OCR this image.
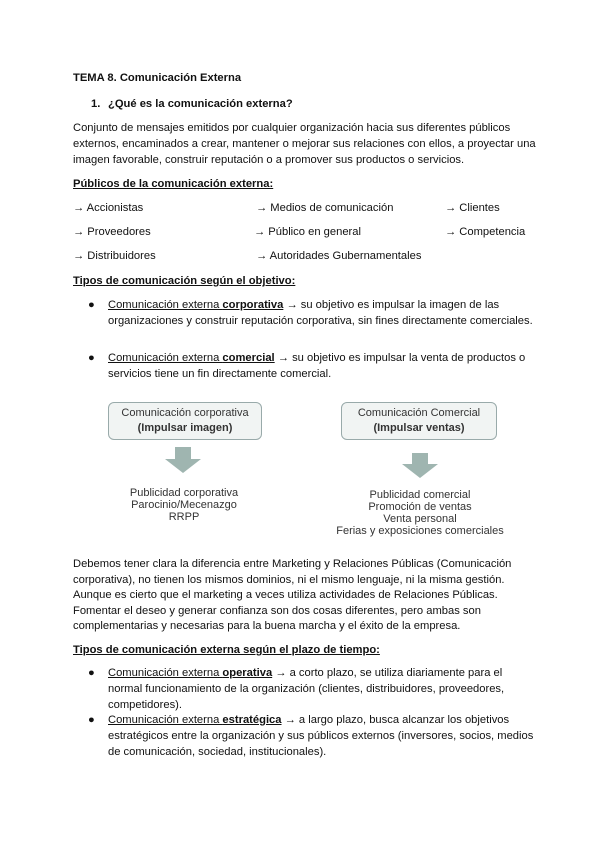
TEMA 8. Comunicación Externa
1. ¿Qué es la comunicación externa?
Conjunto de mensajes emitidos por cualquier organización hacia sus diferentes públicos externos, encaminados a crear, mantener o mejorar sus relaciones con ellos, a proyectar una imagen favorable, construir reputación o a promover sus productos o servicios.
Públicos de la comunicación externa:
→ Accionistas	→ Medios de comunicación	→ Clientes
→ Proveedores	→ Público en general	→ Competencia
→ Distribuidores	→ Autoridades Gubernamentales
Tipos de comunicación según el objetivo:
● Comunicación externa corporativa → su objetivo es impulsar la imagen de las organizaciones y construir reputación corporativa, sin fines directamente comerciales.
● Comunicación externa comercial → su objetivo es impulsar la venta de productos o servicios tiene un fin directamente comercial.
Comunicación corporativa
(Impulsar imagen)
Publicidad corporativa
Parocinio/Mecenazgo
RRPP
Comunicación Comercial
(Impulsar ventas)
Publicidad comercial
Promoción de ventas
Venta personal
Ferias y exposiciones comerciales
Debemos tener clara la diferencia entre Marketing y Relaciones Públicas (Comunicación corporativa), no tienen los mismos dominios, ni el mismo lenguaje, ni la misma gestión. Aunque es cierto que el marketing a veces utiliza actividades de Relaciones Públicas. Fomentar el deseo y generar confianza son dos cosas diferentes, pero ambas son complementarias y necesarias para la buena marcha y el éxito de la empresa.
Tipos de comunicación externa según el plazo de tiempo:
● Comunicación externa operativa → a corto plazo, se utiliza diariamente para el normal funcionamiento de la organización (clientes, distribuidores, proveedores, competidores).
● Comunicación externa estratégica → a largo plazo, busca alcanzar los objetivos estratégicos entre la organización y sus públicos externos (inversores, socios, medios de comunicación, sociedad, institucionales).
